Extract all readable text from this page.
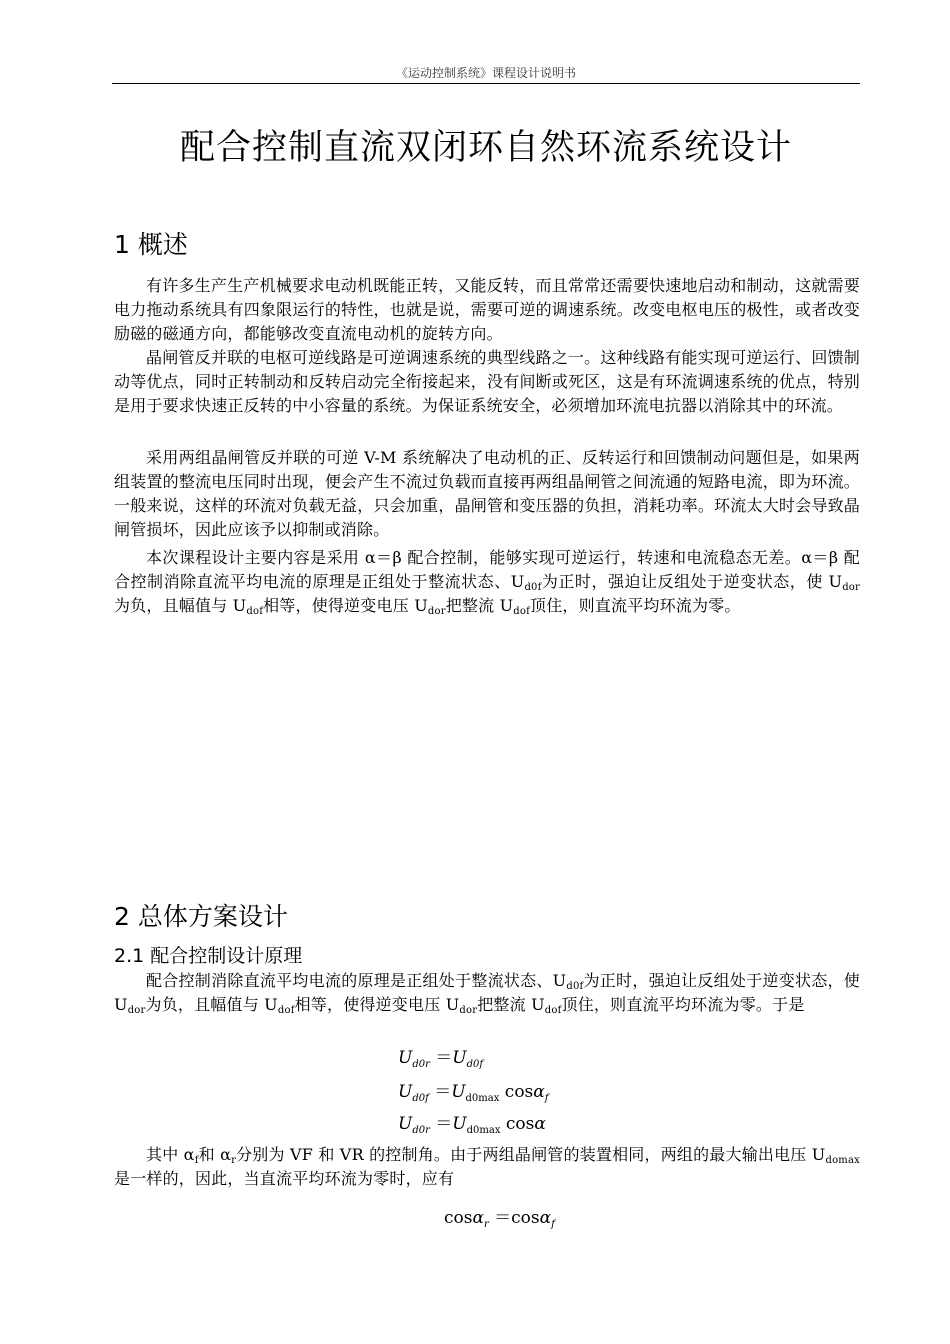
《运动控制系统》课程设计说明书
配合控制直流双闭环自然环流系统设计
1 概述
有许多生产生产机械要求电动机既能正转，又能反转，而且常常还需要快速地启动和制动，这就需要电力拖动系统具有四象限运行的特性，也就是说，需要可逆的调速系统。改变电枢电压的极性，或者改变励磁的磁通方向，都能够改变直流电动机的旋转方向。
晶闸管反并联的电枢可逆线路是可逆调速系统的典型线路之一。这种线路有能实现可逆运行、回馈制动等优点，同时正转制动和反转启动完全衔接起来，没有间断或死区，这是有环流调速系统的优点，特别是用于要求快速正反转的中小容量的系统。为保证系统安全，必须增加环流电抗器以消除其中的环流。
采用两组晶闸管反并联的可逆 V-M 系统解决了电动机的正、反转运行和回馈制动问题但是，如果两组装置的整流电压同时出现，便会产生不流过负载而直接再两组晶闸管之间流通的短路电流，即为环流。一般来说，这样的环流对负载无益，只会加重，晶闸管和变压器的负担，消耗功率。环流太大时会导致晶闸管损坏，因此应该予以抑制或消除。
本次课程设计主要内容是采用 α＝β 配合控制，能够实现可逆运行，转速和电流稳态无差。α＝β 配合控制消除直流平均电流的原理是正组处于整流状态、$U_{d0f}$为正时，强迫让反组处于逆变状态，使 $U_{dor}$为负，且幅值与 $U_{dof}$相等，使得逆变电压 $U_{dor}$把整流 $U_{dof}$顶住，则直流平均环流为零。
2 总体方案设计
2.1 配合控制设计原理
配合控制消除直流平均电流的原理是正组处于整流状态、$U_{d0f}$为正时，强迫让反组处于逆变状态，使 $U_{dor}$为负，且幅值与 $U_{dof}$相等，使得逆变电压 $U_{dor}$把整流 $U_{dof}$顶住，则直流平均环流为零。于是
$U_{d0r} =U_{d0f}$
$U_{d0f} =U_{d0max}$ cosα$_f$
$U_{d0r} =U_{d0max}$ cosα
其中 $\alpha_f$和 $\alpha_r$分别为 VF 和 VR 的控制角。由于两组晶闸管的装置相同，两组的最大输出电压 $U_{domax}$是一样的，因此，当直流平均环流为零时，应有
cosα$_r$ ＝cosα$_f$
